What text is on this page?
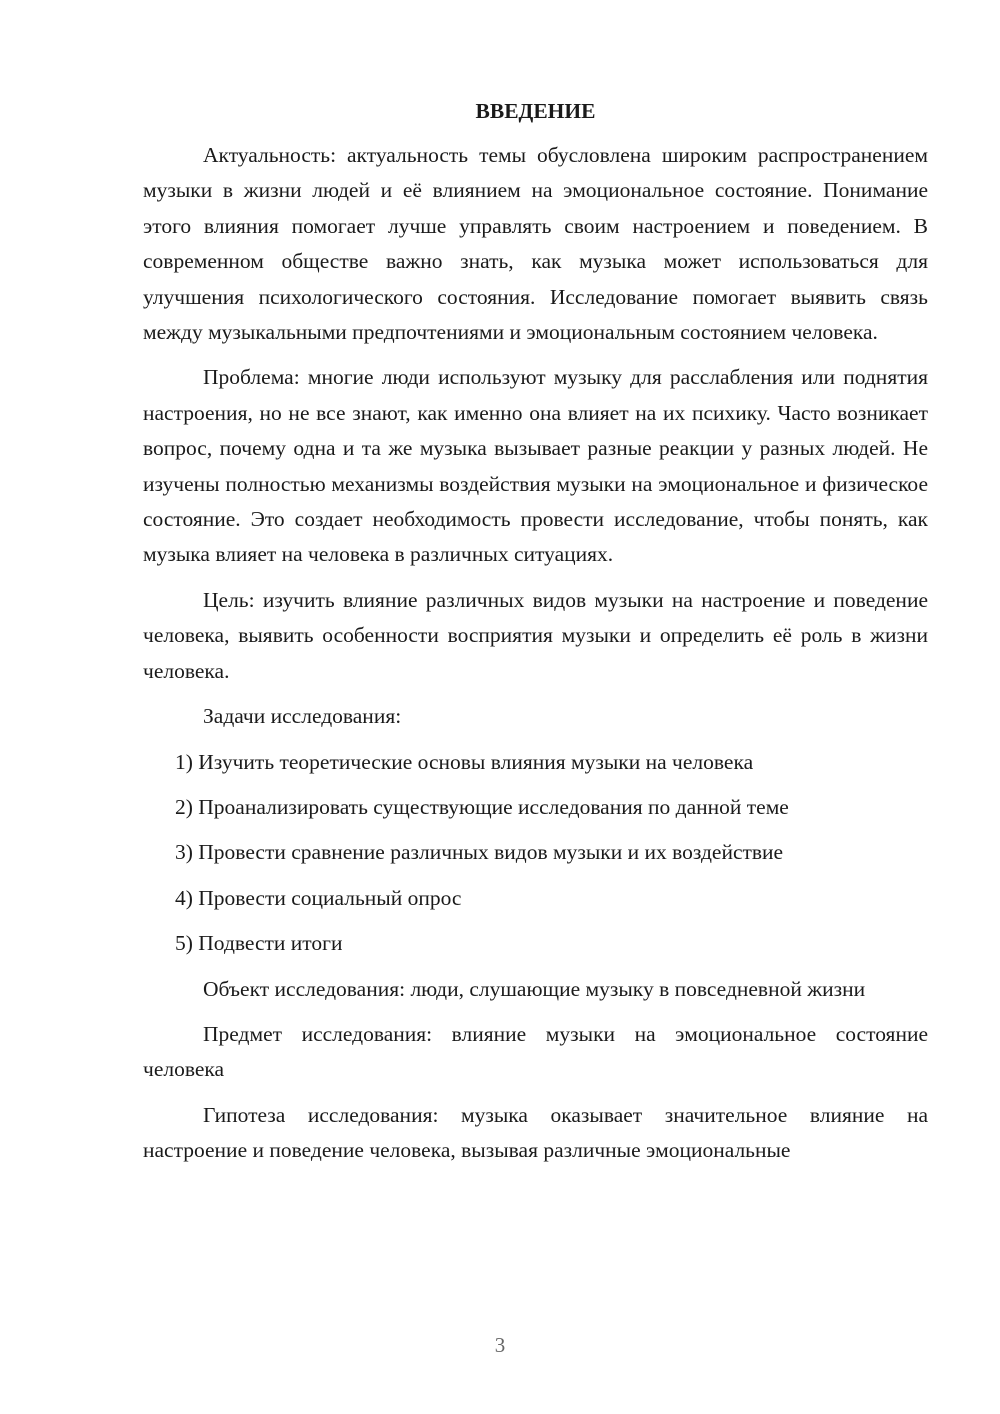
ВВЕДЕНИЕ

Актуальность: актуальность темы обусловлена широким распространением музыки в жизни людей и её влиянием на эмоциональное состояние. Понимание этого влияния помогает лучше управлять своим настроением и поведением. В современном обществе важно знать, как музыка может использоваться для улучшения психологического состояния. Исследование помогает выявить связь между музыкальными предпочтениями и эмоциональным состоянием человека.

Проблема: многие люди используют музыку для расслабления или поднятия настроения, но не все знают, как именно она влияет на их психику. Часто возникает вопрос, почему одна и та же музыка вызывает разные реакции у разных людей. Не изучены полностью механизмы воздействия музыки на эмоциональное и физическое состояние. Это создает необходимость провести исследование, чтобы понять, как музыка влияет на человека в различных ситуациях.

Цель: изучить влияние различных видов музыки на настроение и поведение человека, выявить особенности восприятия музыки и определить её роль в жизни человека.

Задачи исследования:

1) Изучить теоретические основы влияния музыки на человека

2) Проанализировать существующие исследования по данной теме

3) Провести сравнение различных видов музыки и их воздействие

4) Провести социальный опрос

5) Подвести итоги

Объект исследования: люди, слушающие музыку в повседневной жизни

Предмет исследования: влияние музыки на эмоциональное состояние человека

Гипотеза исследования: музыка оказывает значительное влияние на настроение и поведение человека, вызывая различные эмоциональные

3
